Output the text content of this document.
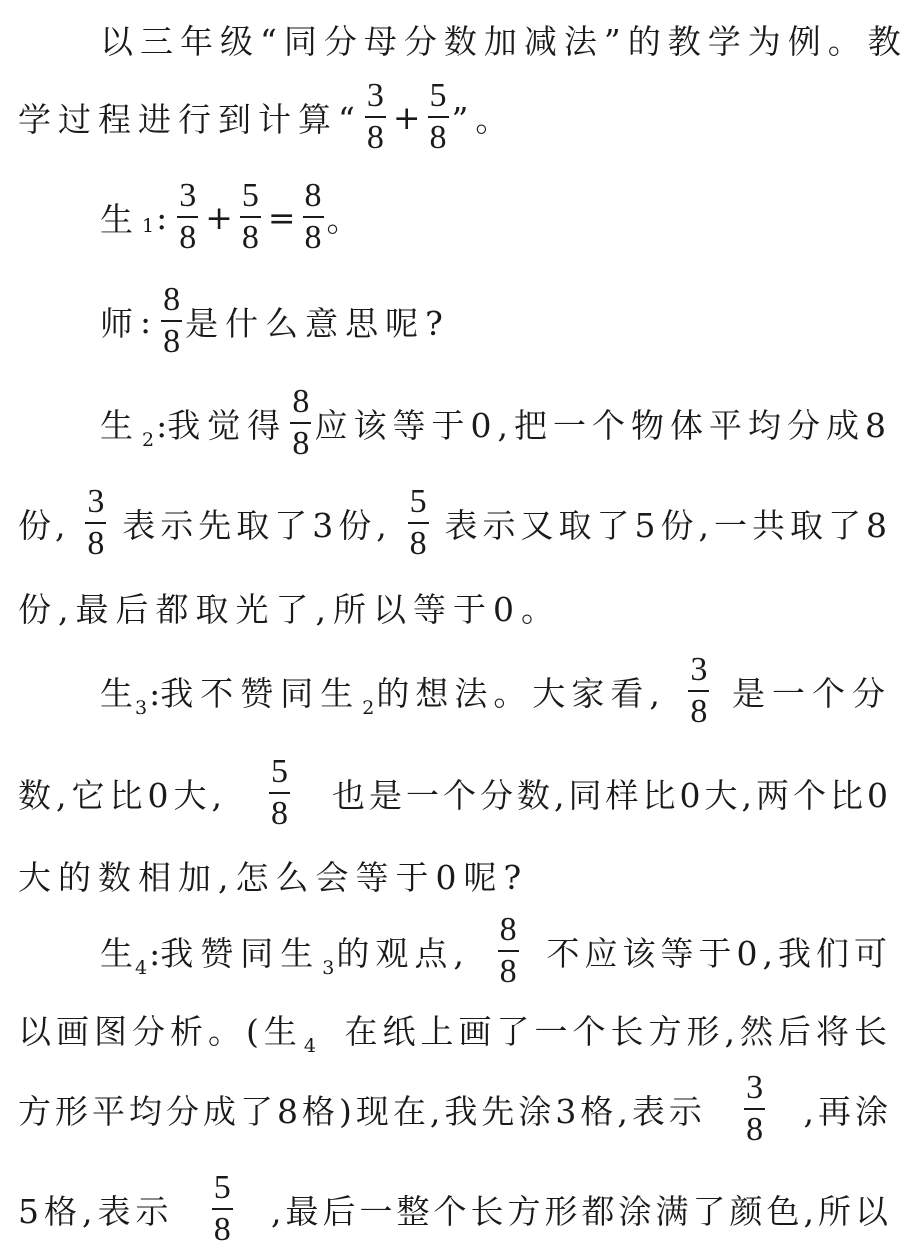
以三年级“同分母分数加减法”的教学为例。教
学过程进行到计算“ $\frac{3}{8} + \frac{5}{8}$ ”。
生 1 : $\frac{3}{8} + \frac{5}{8} = \frac{8}{8}$ 。
师 : $\frac{8}{8}$ 是什么意思呢?
生 $_2$:我觉得 $\frac{8}{8}$ 应该等于0,把一个物体平均分成8
份, $\frac{3}{8}$ 表示先取了3份, $\frac{5}{8}$ 表示又取了5份,一共取了8
份,最后都取光了,所以等于0。
生 $_3$:我不赞同生 $_2$的想法。大家看, $\frac{3}{8}$ 是一个分
数,它比0大, $\frac{5}{8}$ 也是一个分数,同样比0大,两个比0
大的数相加,怎么会等于0呢?
生 $_4$:我赞同生 $_3$的观点, $\frac{8}{8}$ 不应该等于0,我们可
以画图分析。(生 $_4$ 在纸上画了一个长方形,然后将长
方形平均分成了8格)现在,我先涂3格,表示 $\frac{3}{8}$ ,再涂
5格,表示 $\frac{5}{8}$ ,最后一整个长方形都涂满了颜色,所以
